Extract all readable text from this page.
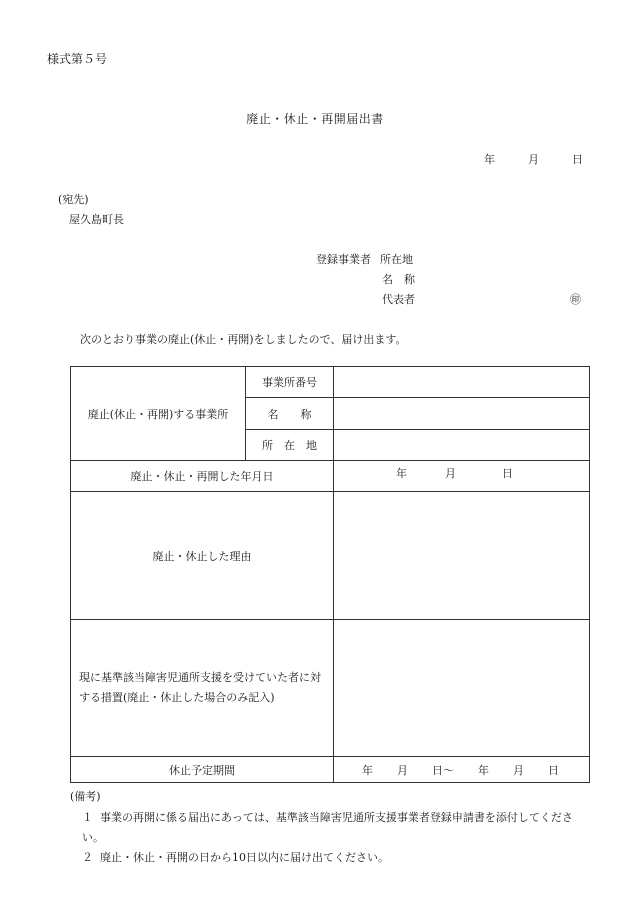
様式第５号
廃止・休止・再開届出書
年	月	日
(宛先)
屋久島町長
登録事業者 所在地
名　称
代表者	㊞
次のとおり事業の廃止(休止・再開)をしましたので、届け出ます。
廃止(休止・再開)する事業所	事業所番号	
	名　　称	
	所　在　地	
廃止・休止・再開した年月日		年 月 日
廃止・休止した理由		
現に基準該当障害児通所支援を受けていた者に対する措置(廃止・休止した場合のみ記入)		
休止予定期間		年 月 日〜 年 月 日
(備考)
１ 事業の再開に係る届出にあっては、基準該当障害児通所支援事業者登録申請書を添付してください。
２ 廃止・休止・再開の日から10日以内に届け出てください。
